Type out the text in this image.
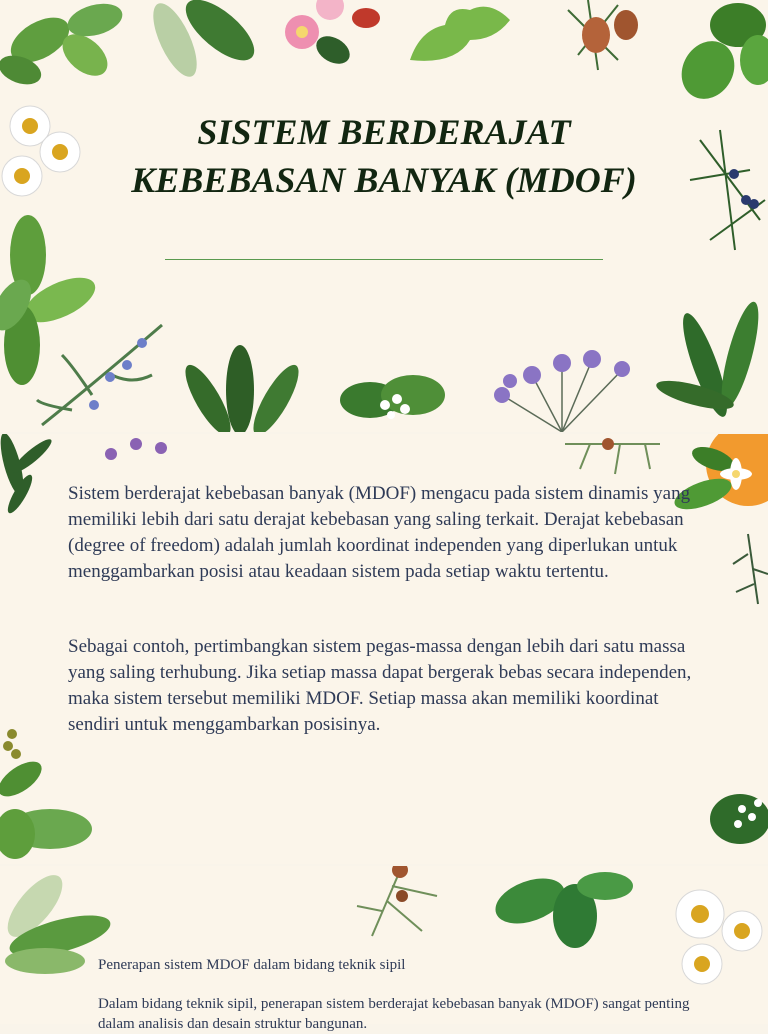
SISTEM BERDERAJAT
KEBEBASAN BANYAK (MDOF)
Sistem berderajat kebebasan banyak (MDOF) mengacu pada sistem dinamis yang memiliki lebih dari satu derajat kebebasan yang saling terkait. Derajat kebebasan (degree of freedom) adalah jumlah koordinat independen yang diperlukan untuk menggambarkan posisi atau keadaan sistem pada setiap waktu tertentu.
Sebagai contoh, pertimbangkan sistem pegas-massa dengan lebih dari satu massa yang saling terhubung. Jika setiap massa dapat bergerak bebas secara independen, maka sistem tersebut memiliki MDOF. Setiap massa akan memiliki koordinat sendiri untuk menggambarkan posisinya.
Penerapan sistem MDOF dalam bidang teknik sipil
Dalam bidang teknik sipil, penerapan sistem berderajat kebebasan banyak (MDOF) sangat penting dalam analisis dan desain struktur bangunan.
